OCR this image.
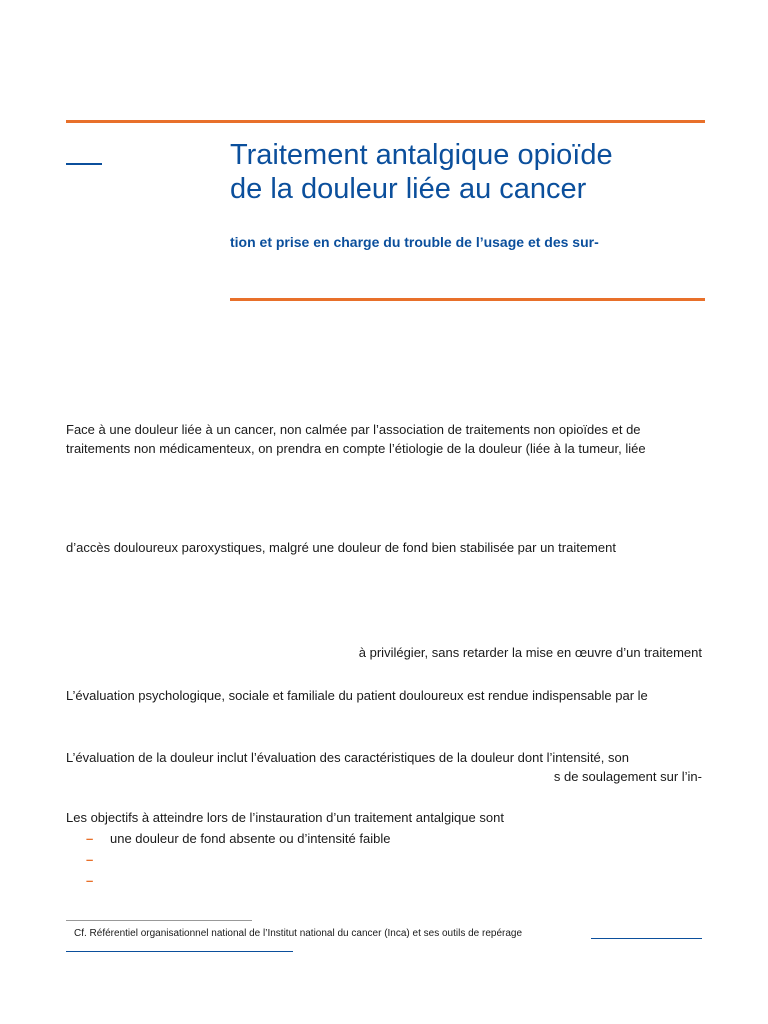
Traitement antalgique opioïde
de la douleur liée au cancer

tion et prise en charge du trouble de l’usage et des sur-

Face à une douleur liée à un cancer, non calmée par l’association de traitements non opioïdes et de
traitements non médicamenteux, on prendra en compte l’étiologie de la douleur (liée à la tumeur, liée

d’accès douloureux paroxystiques, malgré une douleur de fond bien stabilisée par un traitement

à privilégier, sans retarder la mise en œuvre d’un traitement

L’évaluation psychologique, sociale et familiale du patient douloureux est rendue indispensable par le

L’évaluation de la douleur inclut l’évaluation des caractéristiques de la douleur dont l’intensité, son
s de soulagement sur l’in-

Les objectifs à atteindre lors de l’instauration d’un traitement antalgique sont

– une douleur de fond absente ou d’intensité faible
–
–

Cf. Référentiel organisationnel national de l’Institut national du cancer (Inca) et ses outils de repérage
